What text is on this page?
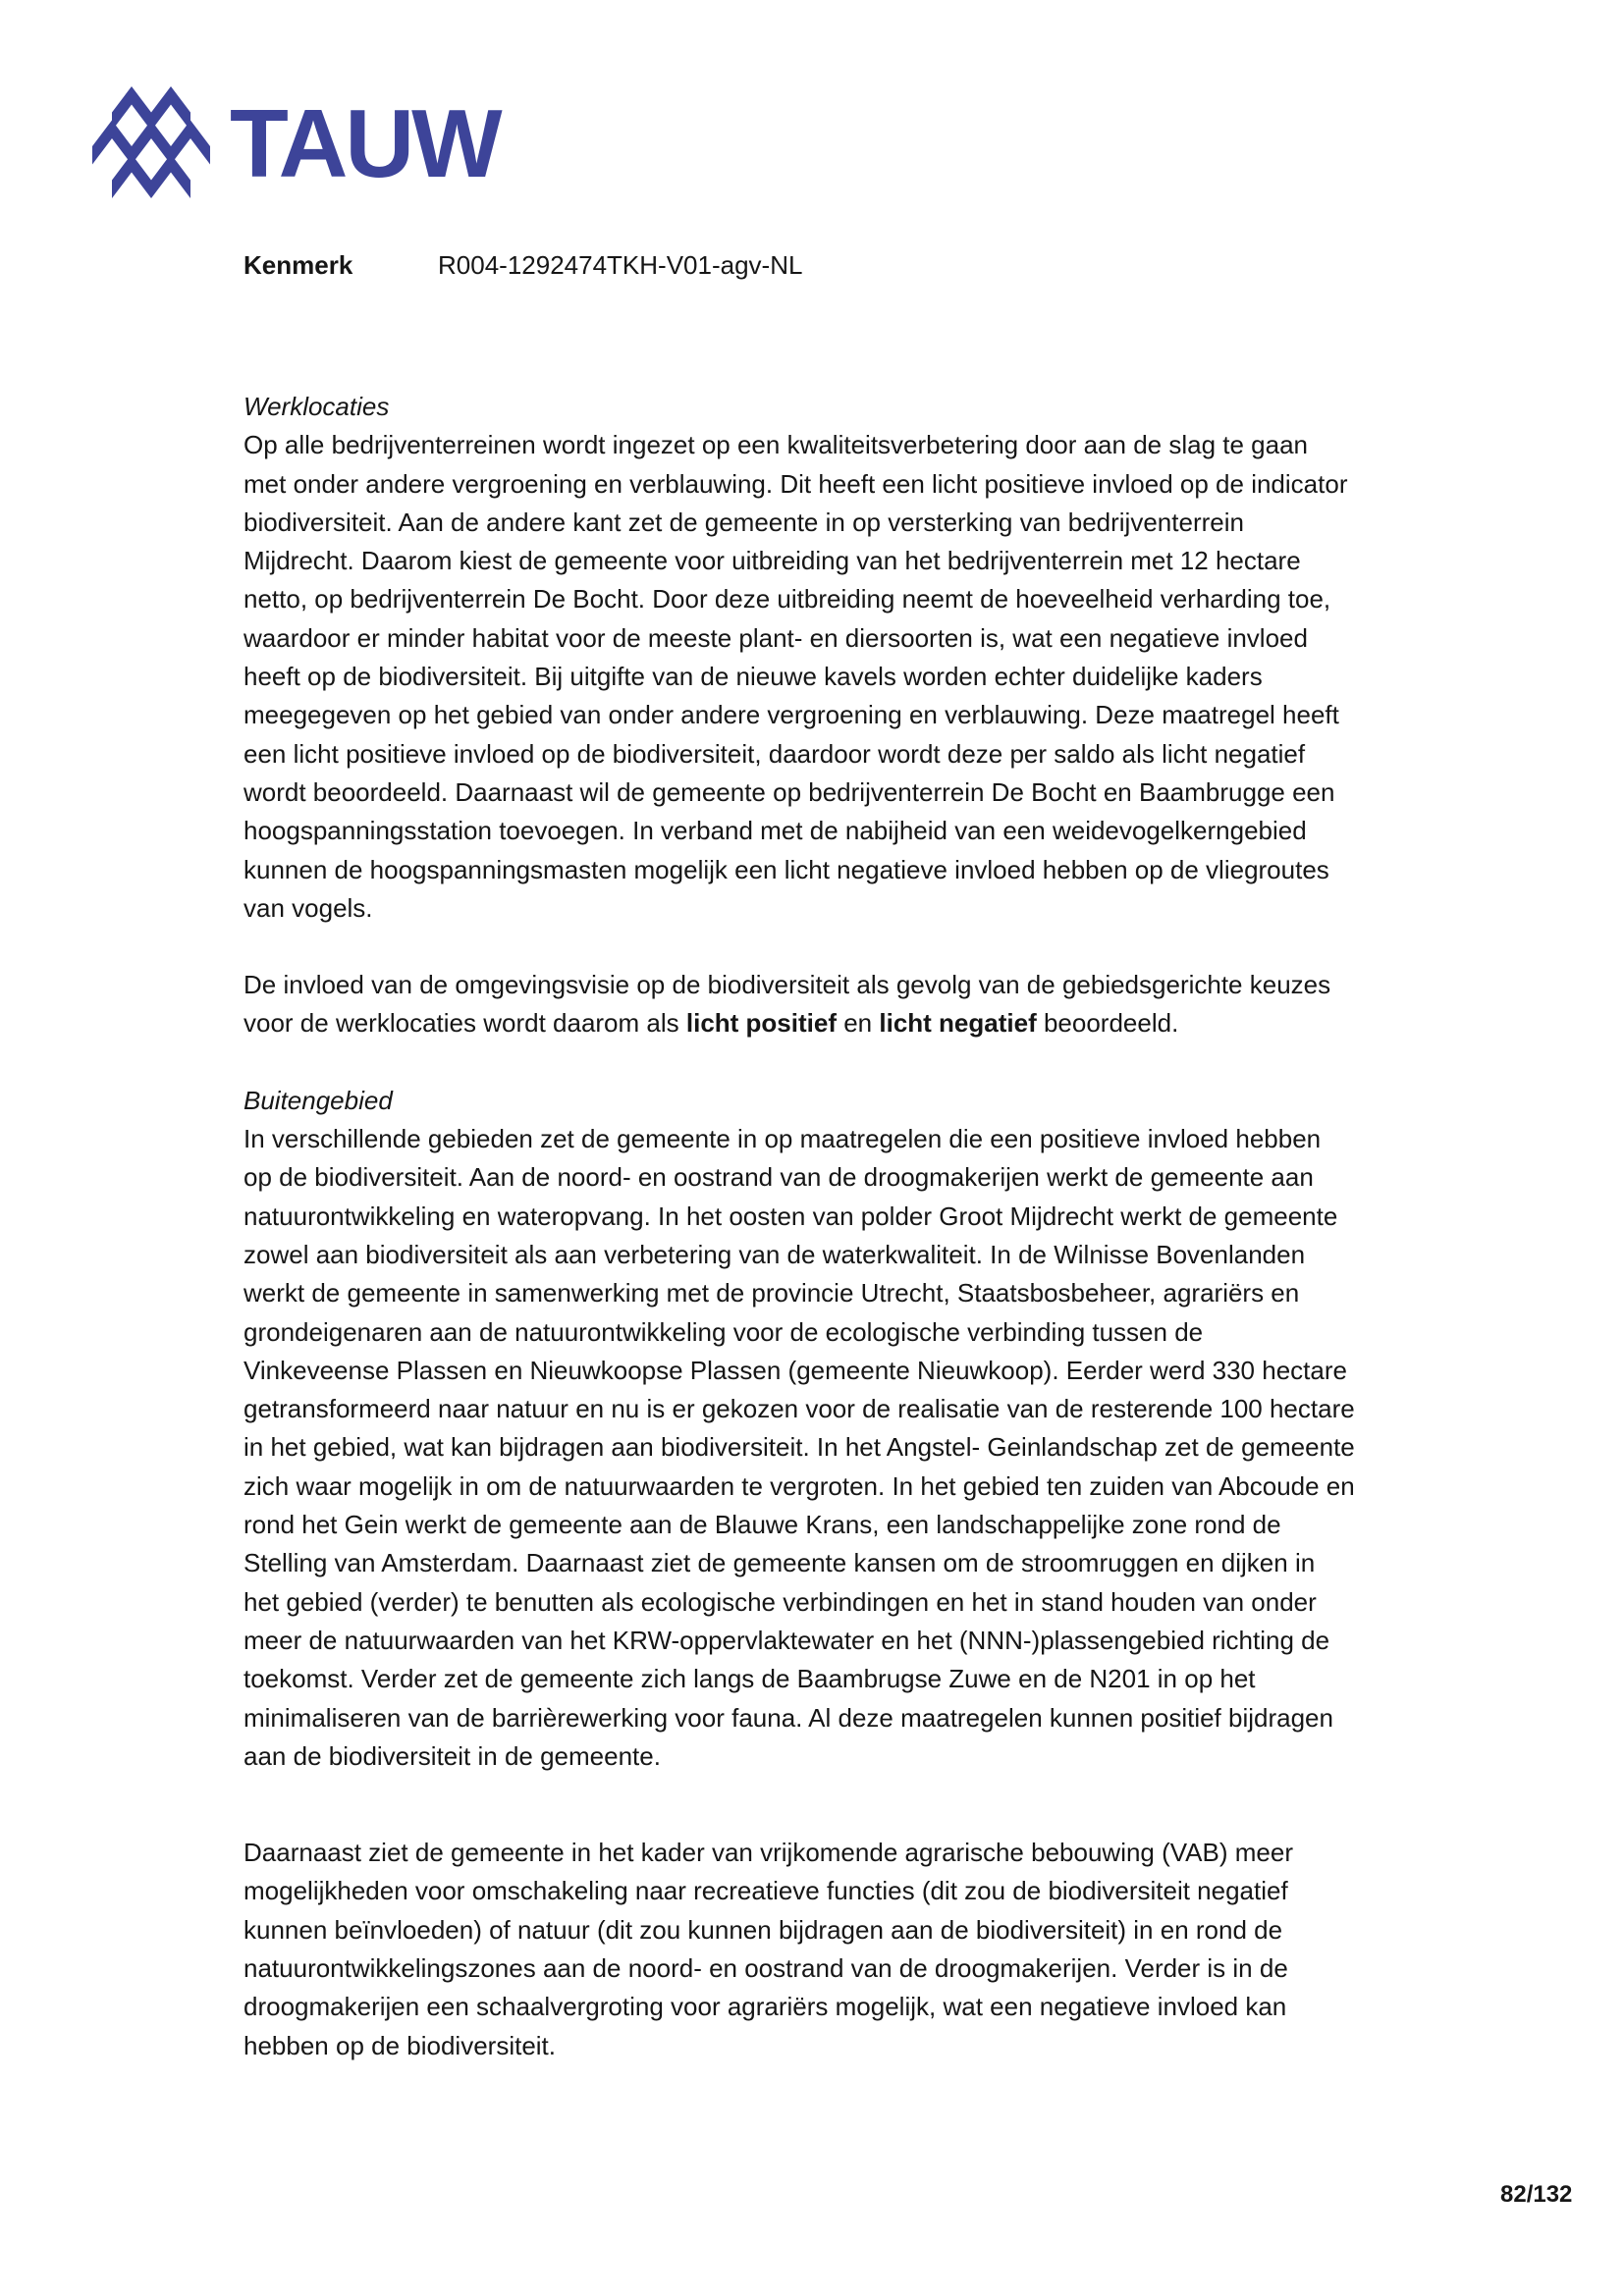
TAUW
Kenmerk	R004-1292474TKH-V01-agv-NL
Werklocaties
Op alle bedrijventerreinen wordt ingezet op een kwaliteitsverbetering door aan de slag te gaan
met onder andere vergroening en verblauwing. Dit heeft een licht positieve invloed op de indicator
biodiversiteit. Aan de andere kant zet de gemeente in op versterking van bedrijventerrein
Mijdrecht. Daarom kiest de gemeente voor uitbreiding van het bedrijventerrein met 12 hectare
netto, op bedrijventerrein De Bocht. Door deze uitbreiding neemt de hoeveelheid verharding toe,
waardoor er minder habitat voor de meeste plant- en diersoorten is, wat een negatieve invloed
heeft op de biodiversiteit. Bij uitgifte van de nieuwe kavels worden echter duidelijke kaders
meegegeven op het gebied van onder andere vergroening en verblauwing. Deze maatregel heeft
een licht positieve invloed op de biodiversiteit, daardoor wordt deze per saldo als licht negatief
wordt beoordeeld. Daarnaast wil de gemeente op bedrijventerrein De Bocht en Baambrugge een
hoogspanningsstation toevoegen. In verband met de nabijheid van een weidevogelkerngebied
kunnen de hoogspanningsmasten mogelijk een licht negatieve invloed hebben op de vliegroutes
van vogels.
De invloed van de omgevingsvisie op de biodiversiteit als gevolg van de gebiedsgerichte keuzes
voor de werklocaties wordt daarom als licht positief en licht negatief beoordeeld.
Buitengebied
In verschillende gebieden zet de gemeente in op maatregelen die een positieve invloed hebben
op de biodiversiteit. Aan de noord- en oostrand van de droogmakerijen werkt de gemeente aan
natuurontwikkeling en wateropvang. In het oosten van polder Groot Mijdrecht werkt de gemeente
zowel aan biodiversiteit als aan verbetering van de waterkwaliteit. In de Wilnisse Bovenlanden
werkt de gemeente in samenwerking met de provincie Utrecht, Staatsbosbeheer, agrariërs en
grondeigenaren aan de natuurontwikkeling voor de ecologische verbinding tussen de
Vinkeveense Plassen en Nieuwkoopse Plassen (gemeente Nieuwkoop). Eerder werd 330 hectare
getransformeerd naar natuur en nu is er gekozen voor de realisatie van de resterende 100 hectare
in het gebied, wat kan bijdragen aan biodiversiteit. In het Angstel- Geinlandschap zet de gemeente
zich waar mogelijk in om de natuurwaarden te vergroten. In het gebied ten zuiden van Abcoude en
rond het Gein werkt de gemeente aan de Blauwe Krans, een landschappelijke zone rond de
Stelling van Amsterdam. Daarnaast ziet de gemeente kansen om de stroomruggen en dijken in
het gebied (verder) te benutten als ecologische verbindingen en het in stand houden van onder
meer de natuurwaarden van het KRW-oppervlaktewater en het (NNN-)plassengebied richting de
toekomst. Verder zet de gemeente zich langs de Baambrugse Zuwe en de N201 in op het
minimaliseren van de barrièrewerking voor fauna. Al deze maatregelen kunnen positief bijdragen
aan de biodiversiteit in de gemeente.
Daarnaast ziet de gemeente in het kader van vrijkomende agrarische bebouwing (VAB) meer
mogelijkheden voor omschakeling naar recreatieve functies (dit zou de biodiversiteit negatief
kunnen beïnvloeden) of natuur (dit zou kunnen bijdragen aan de biodiversiteit) in en rond de
natuurontwikkelingszones aan de noord- en oostrand van de droogmakerijen. Verder is in de
droogmakerijen een schaalvergroting voor agrariërs mogelijk, wat een negatieve invloed kan
hebben op de biodiversiteit.
82/132
